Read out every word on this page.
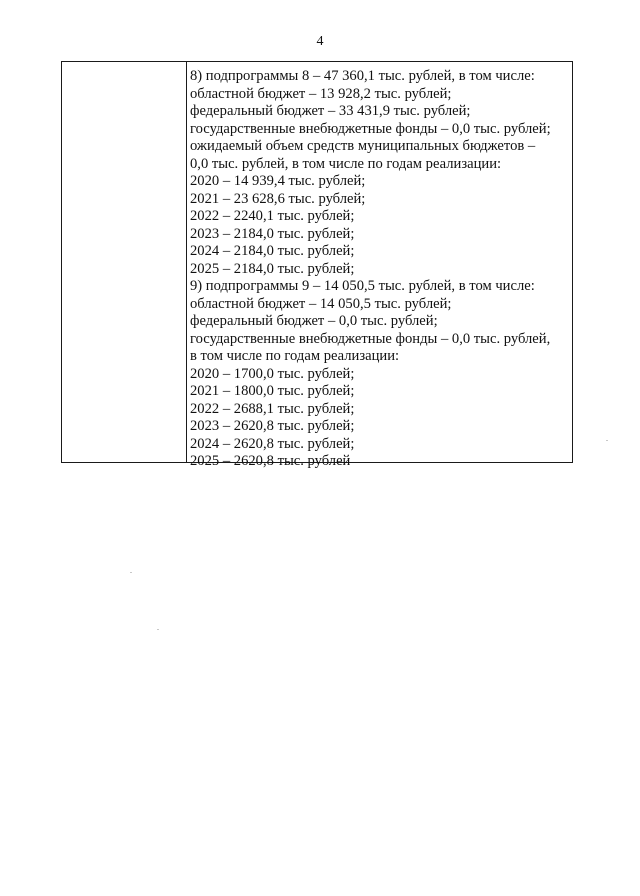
4
8) подпрограммы 8 – 47 360,1 тыс. рублей, в том числе:
областной бюджет – 13 928,2 тыс. рублей;
федеральный бюджет – 33 431,9 тыс. рублей;
государственные внебюджетные фонды – 0,0 тыс. рублей;
ожидаемый объем средств муниципальных бюджетов –
0,0 тыс. рублей, в том числе по годам реализации:
2020 – 14 939,4 тыс. рублей;
2021 – 23 628,6 тыс. рублей;
2022 – 2240,1 тыс. рублей;
2023 – 2184,0 тыс. рублей;
2024 – 2184,0 тыс. рублей;
2025 – 2184,0 тыс. рублей;
9) подпрограммы 9 – 14 050,5 тыс. рублей, в том числе:
областной бюджет – 14 050,5 тыс. рублей;
федеральный бюджет – 0,0 тыс. рублей;
государственные внебюджетные фонды – 0,0 тыс. рублей,
в том числе по годам реализации:
2020 – 1700,0 тыс. рублей;
2021 – 1800,0 тыс. рублей;
2022 – 2688,1 тыс. рублей;
2023 – 2620,8 тыс. рублей;
2024 – 2620,8 тыс. рублей;
2025 – 2620,8 тыс. рублей
